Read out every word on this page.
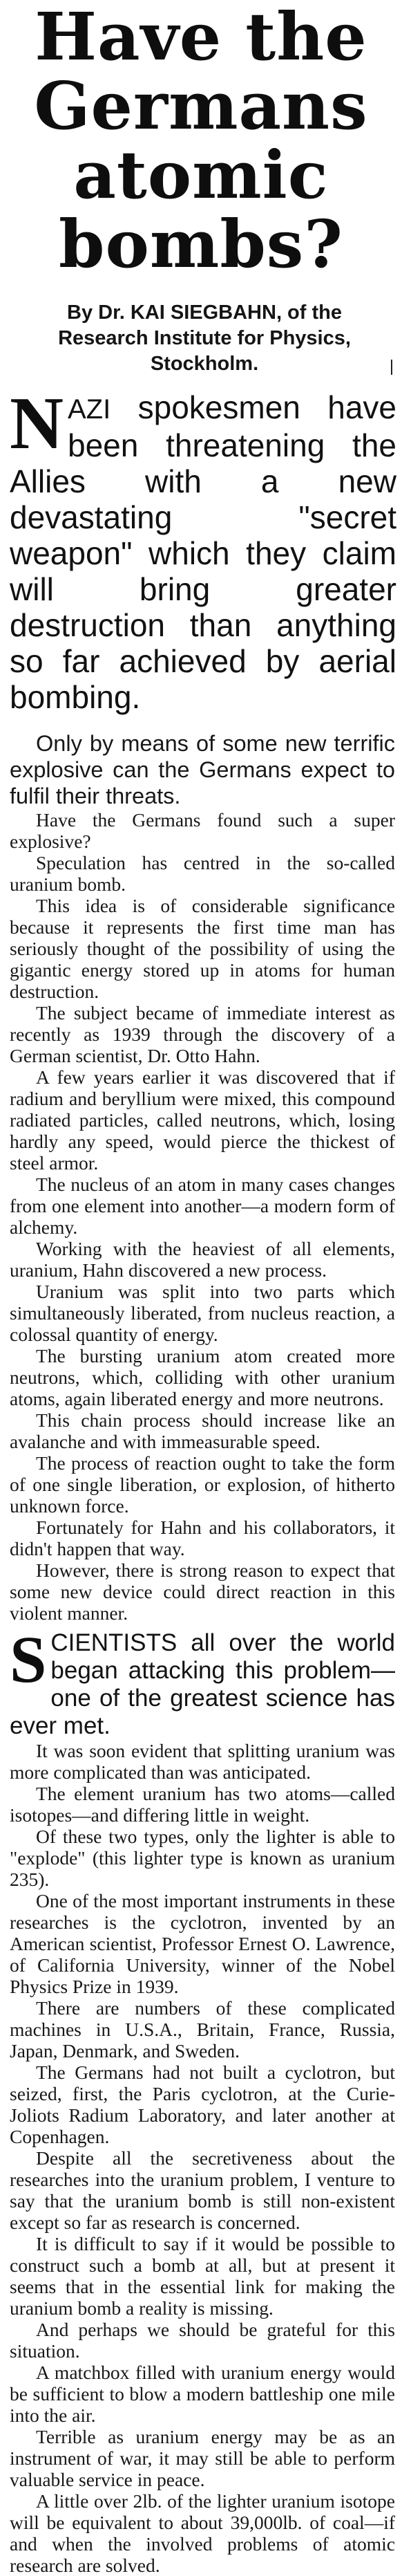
Have the Germans atomic bombs?
By Dr. KAI SIEGBAHN, of the Research Institute for Physics, Stockholm.
NAZI spokesmen have been threatening the Allies with a new devastating "secret weapon" which they claim will bring greater destruction than anything so far achieved by aerial bombing.

Only by means of some new terrific explosive can the Germans expect to fulfil their threats.

Have the Germans found such a super explosive?

Speculation has centred in the so-called uranium bomb.

This idea is of considerable significance because it represents the first time man has seriously thought of the possibility of using the gigantic energy stored up in atoms for human destruction.

The subject became of immediate interest as recently as 1939 through the discovery of a German scientist, Dr. Otto Hahn.

A few years earlier it was discovered that if radium and beryllium were mixed, this compound radiated particles, called neutrons, which, losing hardly any speed, would pierce the thickest of steel armor.

The nucleus of an atom in many cases changes from one element into another—a modern form of alchemy.

Working with the heaviest of all elements, uranium, Hahn discovered a new process.

Uranium was split into two parts which simultaneously liberated, from nucleus reaction, a colossal quantity of energy.

The bursting uranium atom created more neutrons, which, colliding with other uranium atoms, again liberated energy and more neutrons.

This chain process should increase like an avalanche and with immeasurable speed.

The process of reaction ought to take the form of one single liberation, or explosion, of hitherto unknown force.

Fortunately for Hahn and his collaborators, it didn't happen that way.

However, there is strong reason to expect that some new device could direct reaction in this violent manner.

SCIENTISTS all over the world began attacking this problem—one of the greatest science has ever met.

It was soon evident that splitting uranium was more complicated than was anticipated.

The element uranium has two atoms—called isotopes—and differing little in weight.

Of these two types, only the lighter is able to "explode" (this lighter type is known as uranium 235).

One of the most important instruments in these researches is the cyclotron, invented by an American scientist, Professor Ernest O. Lawrence, of California University, winner of the Nobel Physics Prize in 1939.

There are numbers of these complicated machines in U.S.A., Britain, France, Russia, Japan, Denmark, and Sweden.

The Germans had not built a cyclotron, but seized, first, the Paris cyclotron, at the Curie-Joliots Radium Laboratory, and later another at Copenhagen.

Despite all the secretiveness about the researches into the uranium problem, I venture to say that the uranium bomb is still non-existent except so far as research is concerned.

It is difficult to say if it would be possible to construct such a bomb at all, but at present it seems that in the essential link for making the uranium bomb a reality is missing.

And perhaps we should be grateful for this situation.

A matchbox filled with uranium energy would be sufficient to blow a modern battleship one mile into the air.

Terrible as uranium energy may be as an instrument of war, it may still be able to perform valuable service in peace.

A little over 2lb. of the lighter uranium isotope will be equivalent to about 39,000lb. of coal—if and when the involved problems of atomic research are solved.
